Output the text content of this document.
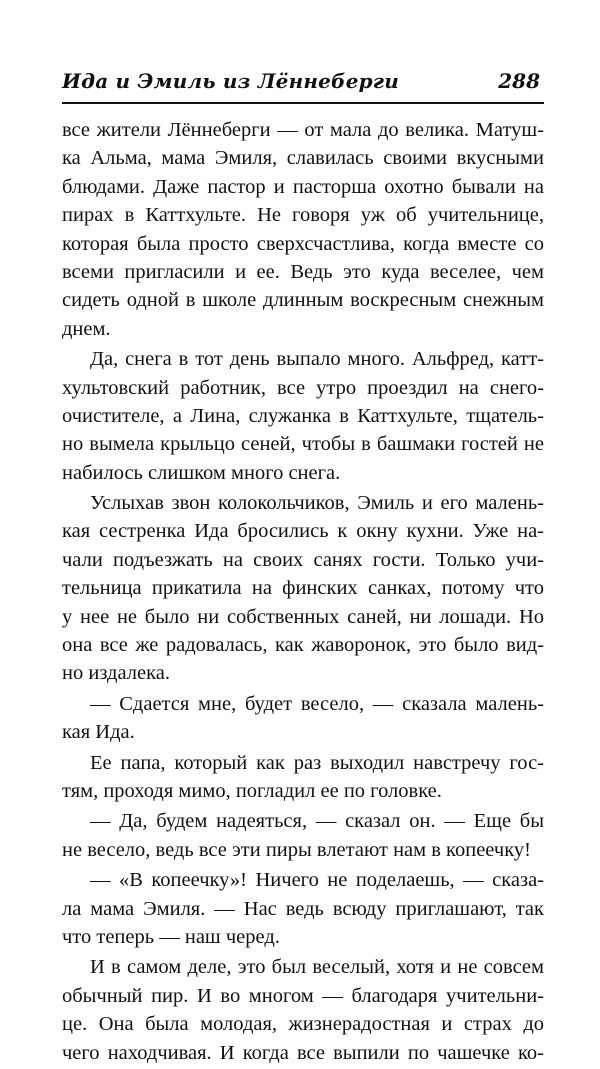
Ида и Эмиль из Лённеберги	288
все жители Лённеберги — от мала до велика. Матуш-
ка Альма, мама Эмиля, славилась своими вкусными
блюдами. Даже пастор и пасторша охотно бывали на
пирах в Каттхульте. Не говоря уж об учительнице,
которая была просто сверхсчастлива, когда вместе со
всеми пригласили и ее. Ведь это куда веселее, чем
сидеть одной в школе длинным воскресным снежным
днем.
Да, снега в тот день выпало много. Альфред, катт-
хультовский работник, все утро проездил на снего-
очистителе, а Лина, служанка в Каттхульте, тщатель-
но вымела крыльцо сеней, чтобы в башмаки гостей не
набилось слишком много снега.
Услыхав звон колокольчиков, Эмиль и его малень-
кая сестренка Ида бросились к окну кухни. Уже на-
чали подъезжать на своих санях гости. Только учи-
тельница прикатила на финских санках, потому что
у нее не было ни собственных саней, ни лошади. Но
она все же радовалась, как жаворонок, это было вид-
но издалека.
— Сдается мне, будет весело, — сказала малень-
кая Ида.
Ее папа, который как раз выходил навстречу гос-
тям, проходя мимо, погладил ее по головке.
— Да, будем надеяться, — сказал он. — Еще бы
не весело, ведь все эти пиры влетают нам в копеечку!
— «В копеечку»! Ничего не поделаешь, — сказа-
ла мама Эмиля. — Нас ведь всюду приглашают, так
что теперь — наш черед.
И в самом деле, это был веселый, хотя и не совсем
обычный пир. И во многом — благодаря учительни-
це. Она была молодая, жизнерадостная и страх до
чего находчивая. И когда все выпили по чашечке ко-
